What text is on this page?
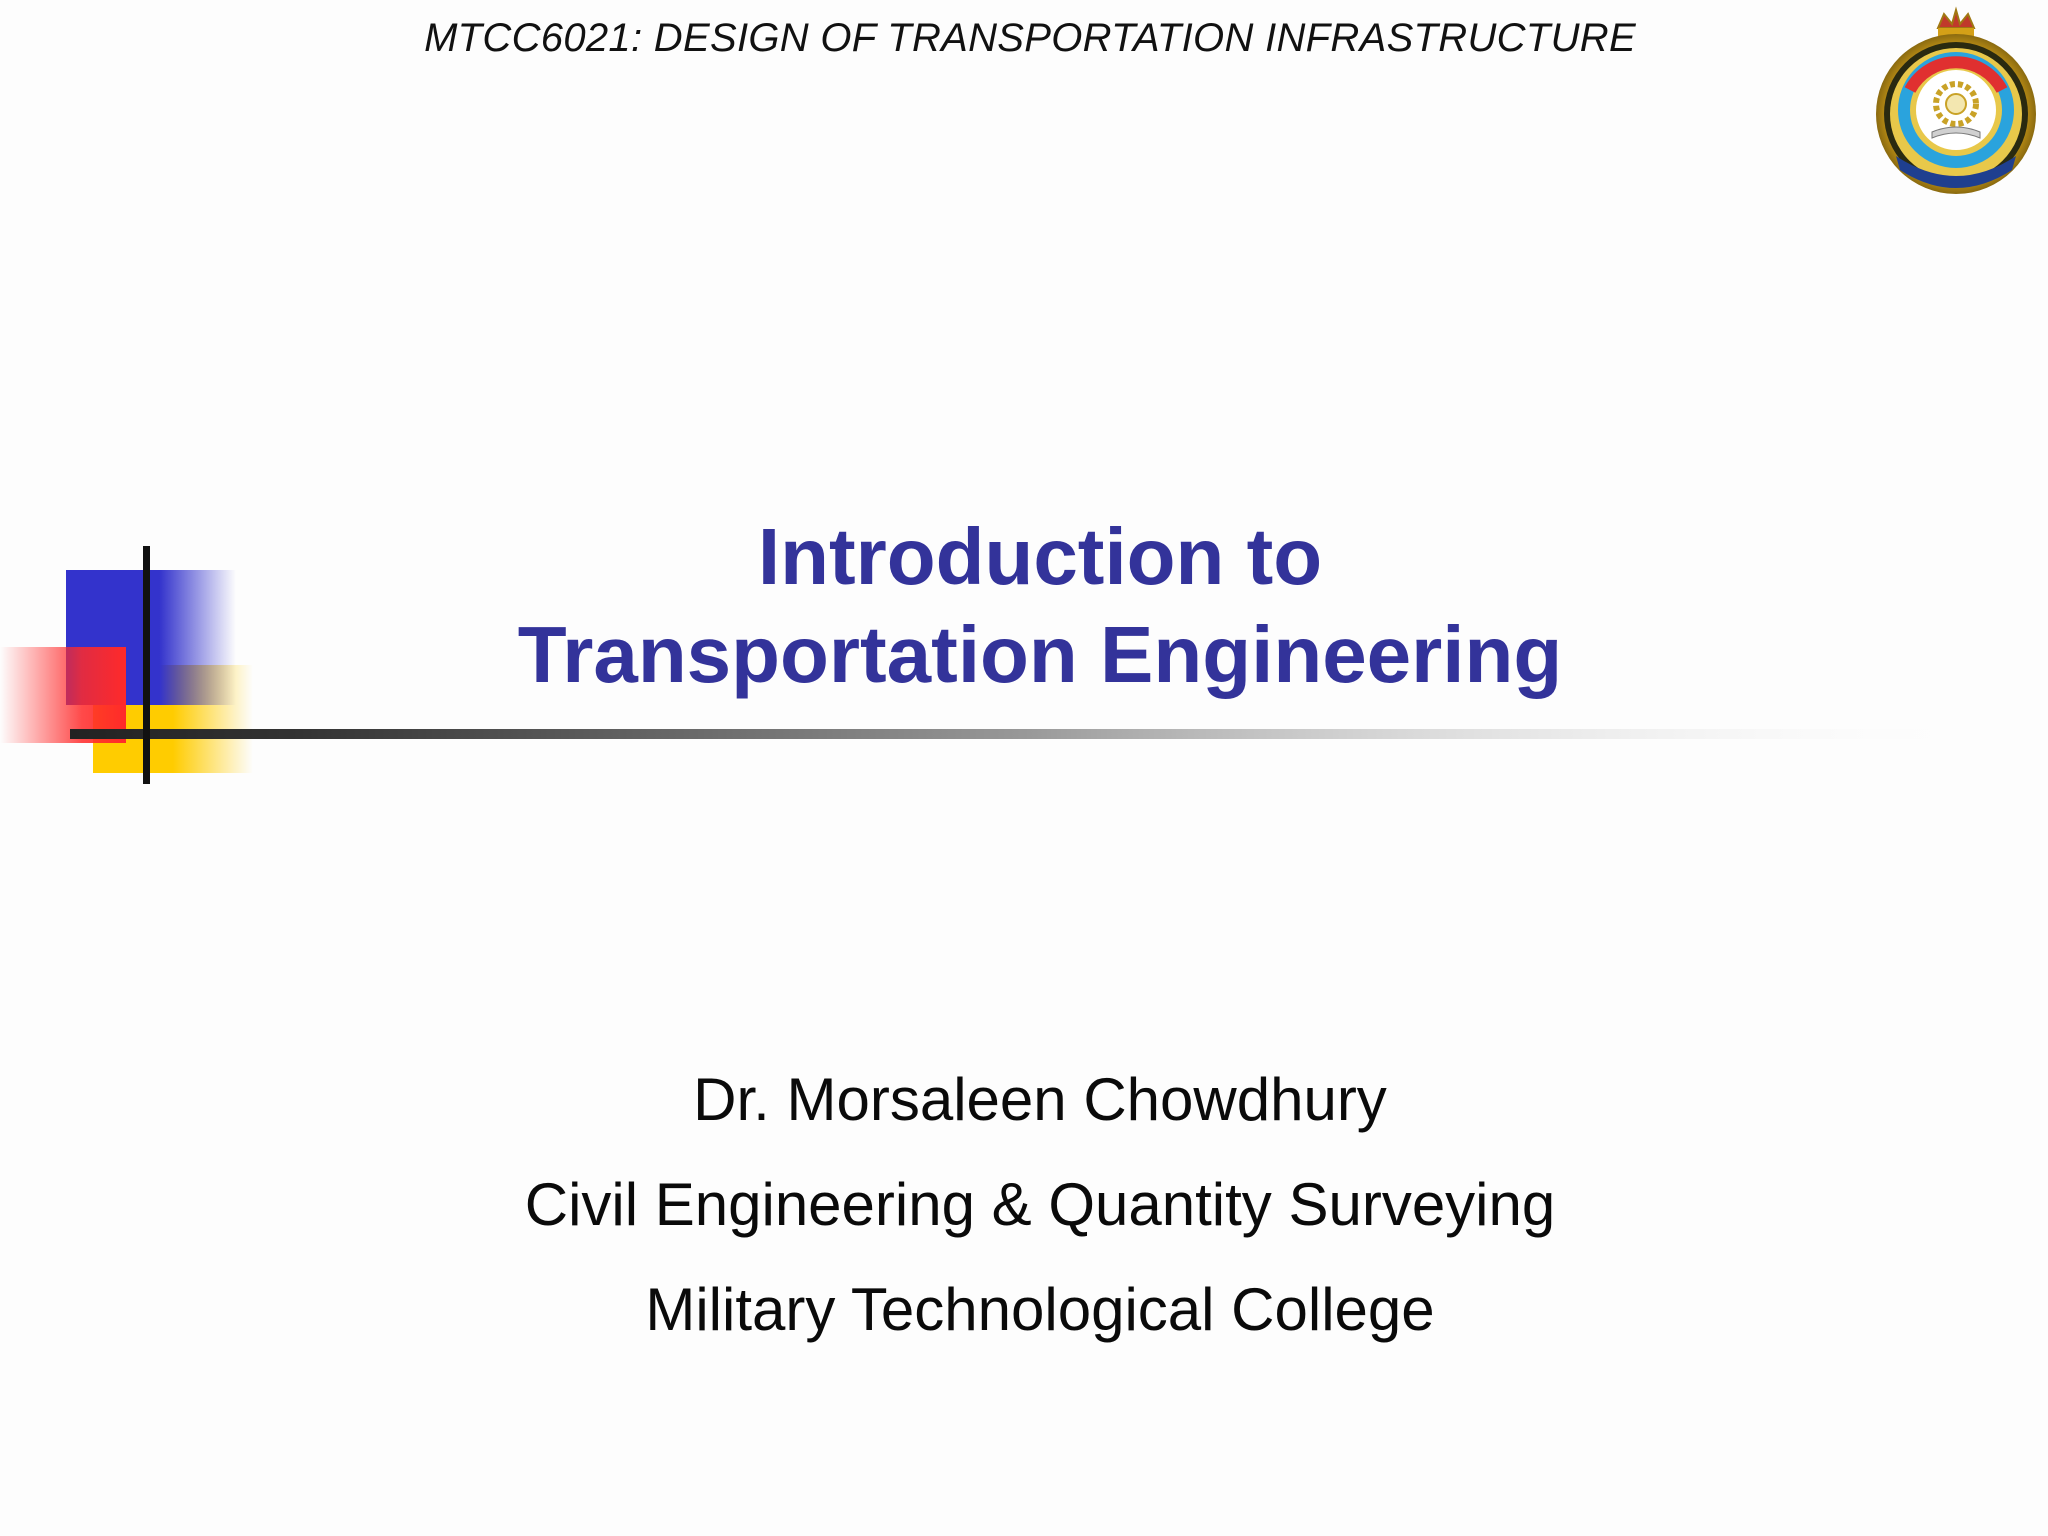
MTCC6021: DESIGN OF TRANSPORTATION INFRASTRUCTURE
Introduction to
Transportation Engineering
Dr. Morsaleen Chowdhury
Civil Engineering & Quantity Surveying
Military Technological College
